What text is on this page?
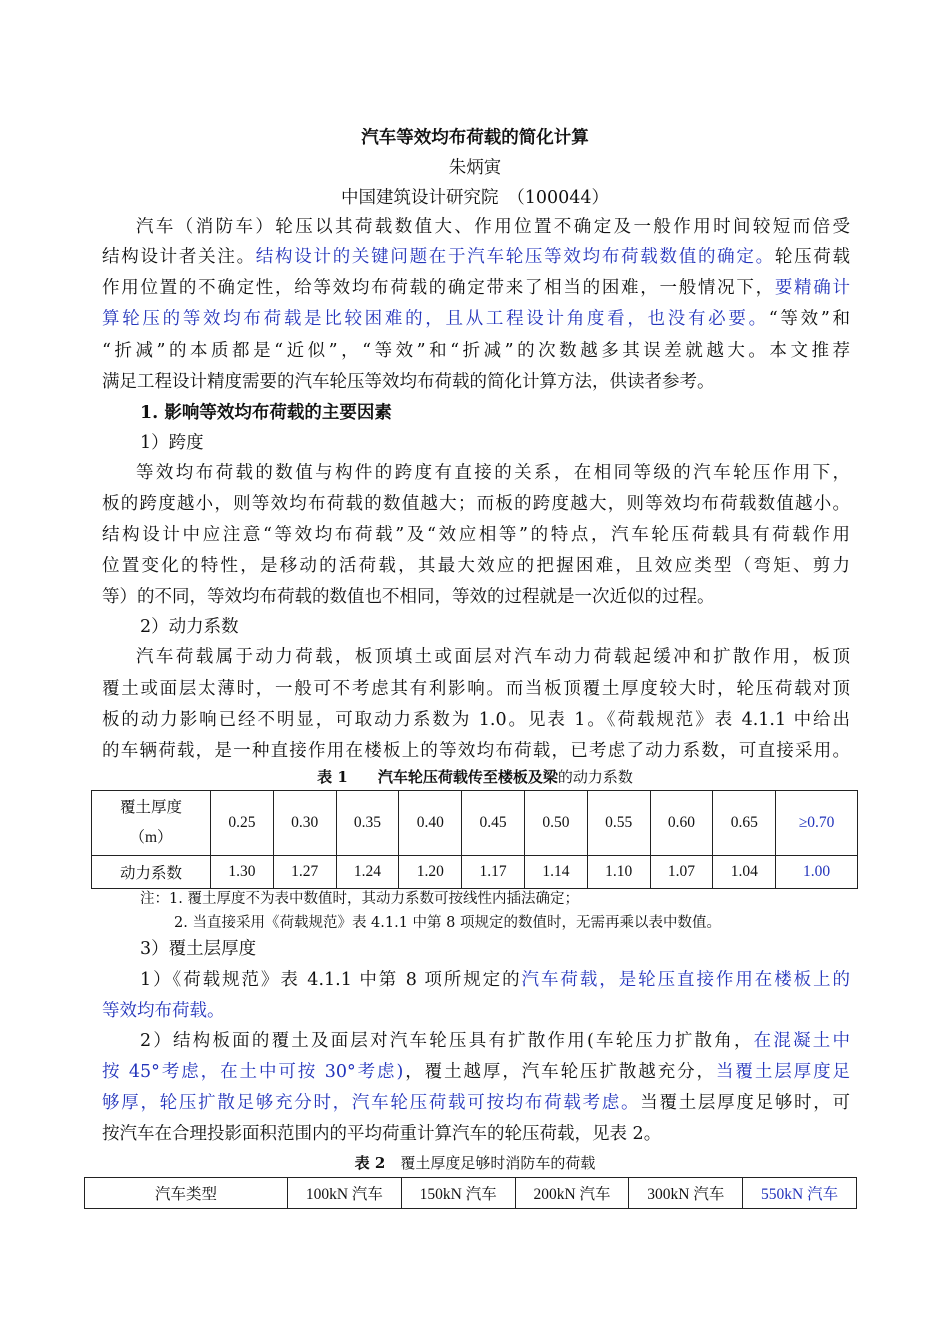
汽车等效均布荷载的简化计算
朱炳寅
中国建筑设计研究院　（100044）
汽车（消防车）轮压以其荷载数值大、作用位置不确定及一般作用时间较短而倍受
结构设计者关注。结构设计的关键问题在于汽车轮压等效均布荷载数值的确定。轮压荷载
作用位置的不确定性，给等效均布荷载的确定带来了相当的困难，一般情况下，要精确计
算轮压的等效均布荷载是比较困难的，且从工程设计角度看，也没有必要。“等效”和
“折减”的本质都是“近似”，“等效”和“折减”的次数越多其误差就越大。本文推荐
满足工程设计精度需要的汽车轮压等效均布荷载的简化计算方法，供读者参考。
1. 影响等效均布荷载的主要因素
1）跨度
等效均布荷载的数值与构件的跨度有直接的关系，在相同等级的汽车轮压作用下，
板的跨度越小，则等效均布荷载的数值越大；而板的跨度越大，则等效均布荷载数值越小。
结构设计中应注意“等效均布荷载”及“效应相等”的特点，汽车轮压荷载具有荷载作用
位置变化的特性，是移动的活荷载，其最大效应的把握困难，且效应类型（弯矩、剪力
等）的不同，等效均布荷载的数值也不相同，等效的过程就是一次近似的过程。
2）动力系数
汽车荷载属于动力荷载，板顶填土或面层对汽车动力荷载起缓冲和扩散作用，板顶
覆土或面层太薄时，一般可不考虑其有利影响。而当板顶覆土厚度较大时，轮压荷载对顶
板的动力影响已经不明显，可取动力系数为 1.0。见表 1。《荷载规范》表 4.1.1 中给出
的车辆荷载，是一种直接作用在楼板上的等效均布荷载，已考虑了动力系数，可直接采用。
表 1　　汽车轮压荷载传至楼板及梁的动力系数
覆土厚度
（m）	0.25	0.30	0.35	0.40	0.45	0.50	0.55	0.60	0.65	≥0.70
动力系数	1.30	1.27	1.24	1.20	1.17	1.14	1.10	1.07	1.04	1.00
注：1. 覆土厚度不为表中数值时，其动力系数可按线性内插法确定；
2. 当直接采用《荷载规范》表 4.1.1 中第 8 项规定的数值时，无需再乘以表中数值。
3）覆土层厚度
1）《荷载规范》表 4.1.1 中第 8 项所规定的汽车荷载，是轮压直接作用在楼板上的
等效均布荷载。
2）结构板面的覆土及面层对汽车轮压具有扩散作用(车轮压力扩散角，在混凝土中
按 45°考虑，在土中可按 30°考虑)，覆土越厚，汽车轮压扩散越充分，当覆土层厚度足
够厚，轮压扩散足够充分时，汽车轮压荷载可按均布荷载考虑。当覆土层厚度足够时，可
按汽车在合理投影面积范围内的平均荷重计算汽车的轮压荷载，见表 2。
表 2　覆土厚度足够时消防车的荷载
汽车类型	100kN 汽车	150kN 汽车	200kN 汽车	300kN 汽车	550kN 汽车
